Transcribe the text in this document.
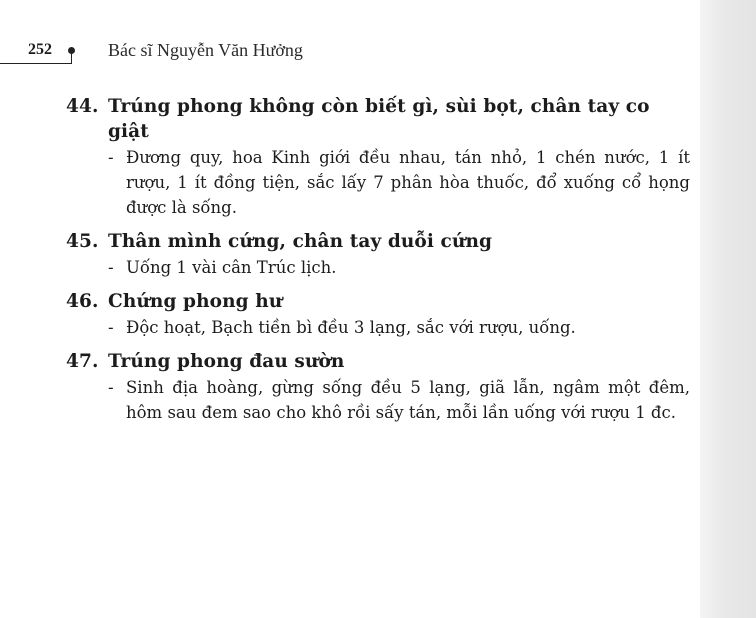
252	Bác sĩ Nguyễn Văn Hưởng
44. Trúng phong không còn biết gì, sùi bọt, chân tay co giật
- Đương quy, hoa Kinh giới đều nhau, tán nhỏ, 1 chén nước, 1 ít rượu, 1 ít đồng tiện, sắc lấy 7 phân hòa thuốc, đổ xuống cổ họng được là sống.
45. Thân mình cứng, chân tay duỗi cứng
- Uống 1 vài cân Trúc lịch.
46. Chứng phong hư
- Độc hoạt, Bạch tiền bì đều 3 lạng, sắc với rượu, uống.
47. Trúng phong đau sườn
- Sinh địa hoàng, gừng sống đều 5 lạng, giã lẫn, ngâm một đêm, hôm sau đem sao cho khô rồi sấy tán, mỗi lần uống với rượu 1 đc.
